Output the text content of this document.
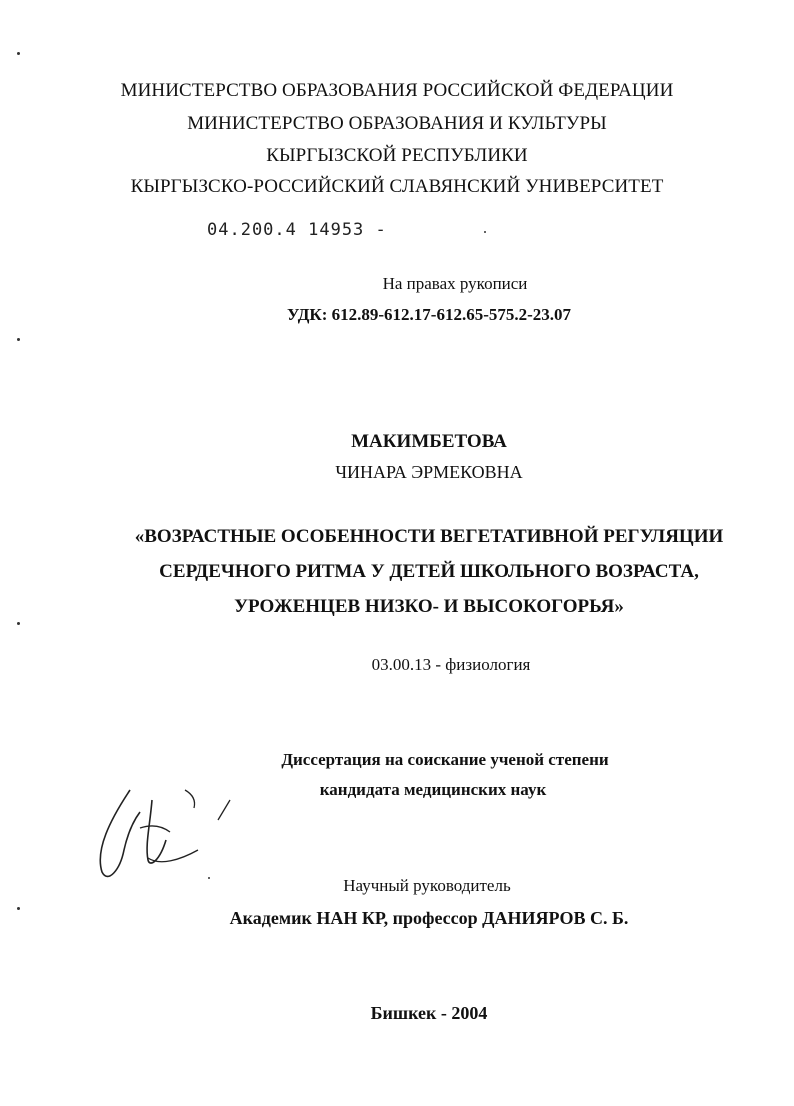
МИНИСТЕРСТВО ОБРАЗОВАНИЯ РОССИЙСКОЙ ФЕДЕРАЦИИ
МИНИСТЕРСТВО ОБРАЗОВАНИЯ И КУЛЬТУРЫ
КЫРГЫЗСКОЙ РЕСПУБЛИКИ
КЫРГЫЗСКО-РОССИЙСКИЙ СЛАВЯНСКИЙ УНИВЕРСИТЕТ
04.200.4 14953 -
На правах рукописи
УДК: 612.89-612.17-612.65-575.2-23.07
МАКИМБЕТОВА
ЧИНАРА ЭРМЕКОВНА
«ВОЗРАСТНЫЕ ОСОБЕННОСТИ ВЕГЕТАТИВНОЙ РЕГУЛЯЦИИ
СЕРДЕЧНОГО РИТМА У ДЕТЕЙ ШКОЛЬНОГО ВОЗРАСТА,
УРОЖЕНЦЕВ НИЗКО- И ВЫСОКОГОРЬЯ»
03.00.13 - физиология
Диссертация на соискание ученой степени
кандидата медицинских наук
Научный руководитель
Академик НАН КР, профессор ДАНИЯРОВ С. Б.
Бишкек - 2004
